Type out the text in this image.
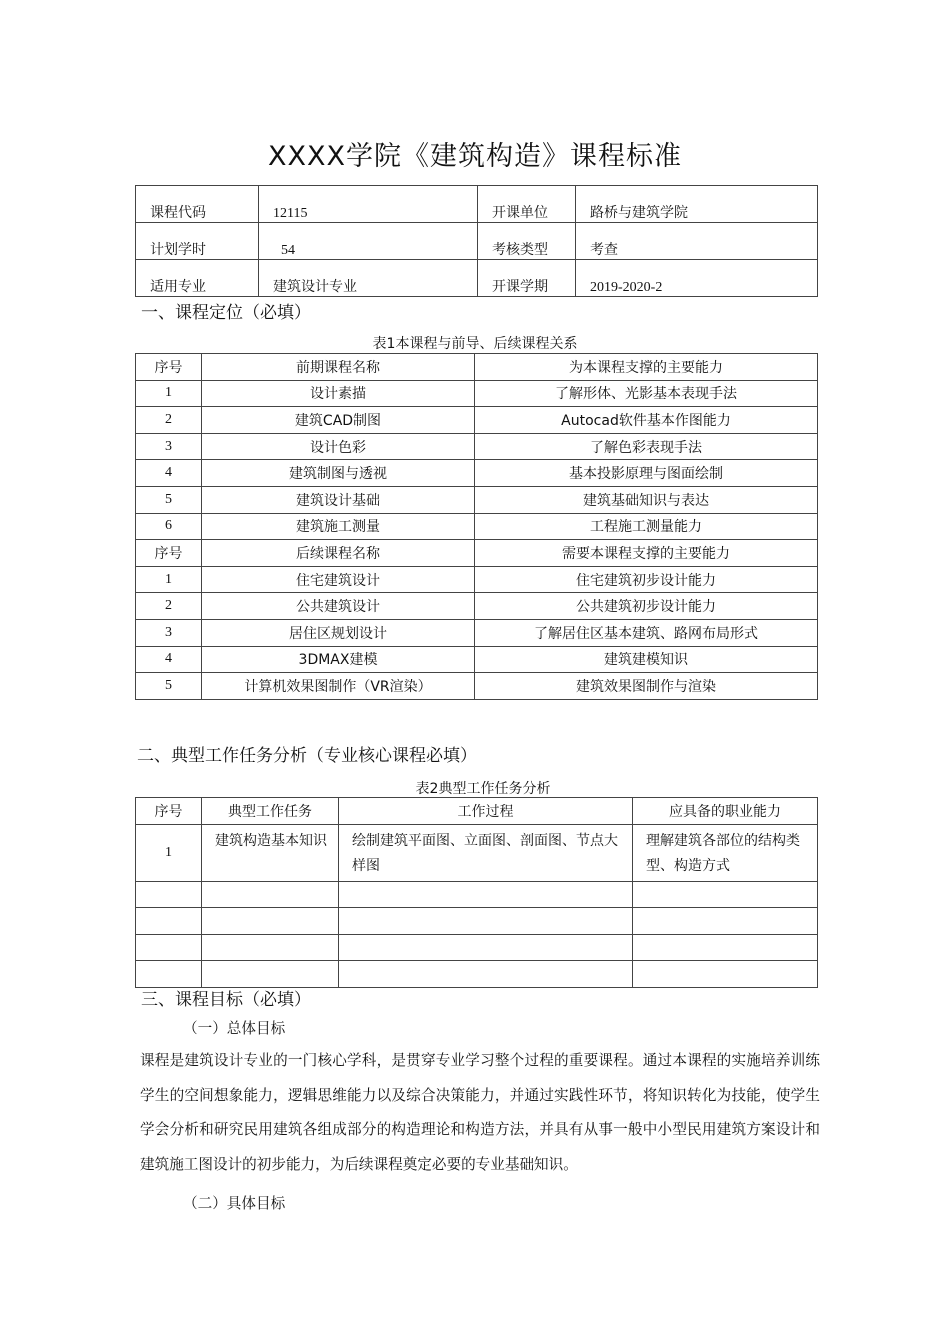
XXXX学院《建筑构造》课程标准
课程代码	12115	开课单位	路桥与建筑学院
计划学时	54	考核类型	考查
适用专业	建筑设计专业	开课学期	2019-2020-2
一、课程定位（必填）
表1本课程与前导、后续课程关系
序号	前期课程名称	为本课程支撑的主要能力
1	设计素描	了解形体、光影基本表现手法
2	建筑CAD制图	Autocad软件基本作图能力
3	设计色彩	了解色彩表现手法
4	建筑制图与透视	基本投影原理与图面绘制
5	建筑设计基础	建筑基础知识与表达
6	建筑施工测量	工程施工测量能力
序号	后续课程名称	需要本课程支撑的主要能力
1	住宅建筑设计	住宅建筑初步设计能力
2	公共建筑设计	公共建筑初步设计能力
3	居住区规划设计	了解居住区基本建筑、路网布局形式
4	3DMAX建模	建筑建模知识
5	计算机效果图制作（VR渲染）	建筑效果图制作与渲染
二、典型工作任务分析（专业核心课程必填）
表2典型工作任务分析
序号	典型工作任务	工作过程	应具备的职业能力
1	建筑构造基本知识	绘制建筑平面图、立面图、剖面图、节点大样图	理解建筑各部位的结构类型、构造方式

三、课程目标（必填）
（一）总体目标
课程是建筑设计专业的一门核心学科，是贯穿专业学习整个过程的重要课程。通过本课程的实施培养训练学生的空间想象能力，逻辑思维能力以及综合决策能力，并通过实践性环节，将知识转化为技能，使学生学会分析和研究民用建筑各组成部分的构造理论和构造方法，并具有从事一般中小型民用建筑方案设计和建筑施工图设计的初步能力，为后续课程奠定必要的专业基础知识。
（二）具体目标
